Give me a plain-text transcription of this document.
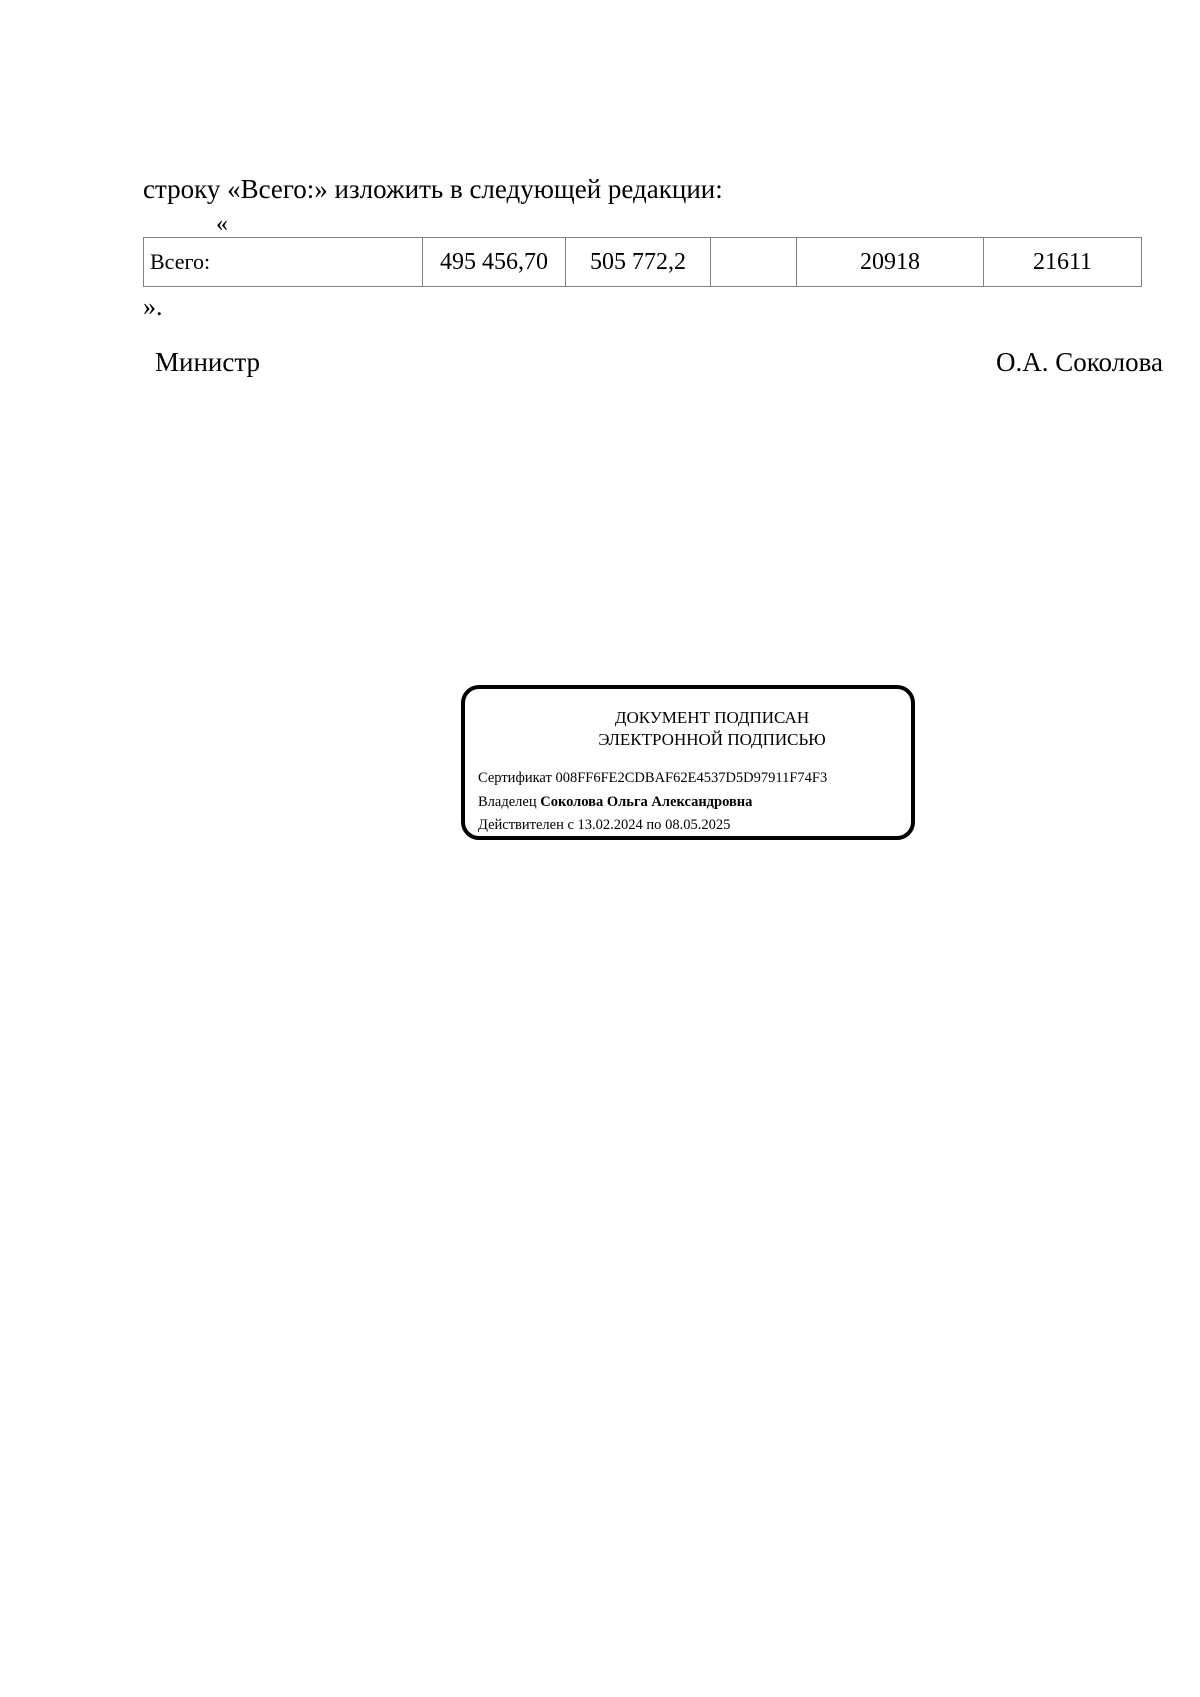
строку «Всего:» изложить в следующей редакции:
«
Всего:	495 456,70	505 772,2		20918	21611
».
Министр	О.А. Соколова
ДОКУМЕНТ ПОДПИСАН
ЭЛЕКТРОННОЙ ПОДПИСЬЮ
Сертификат 008FF6FE2CDBAF62E4537D5D97911F74F3
Владелец Соколова Ольга Александровна
Действителен с 13.02.2024 по 08.05.2025
